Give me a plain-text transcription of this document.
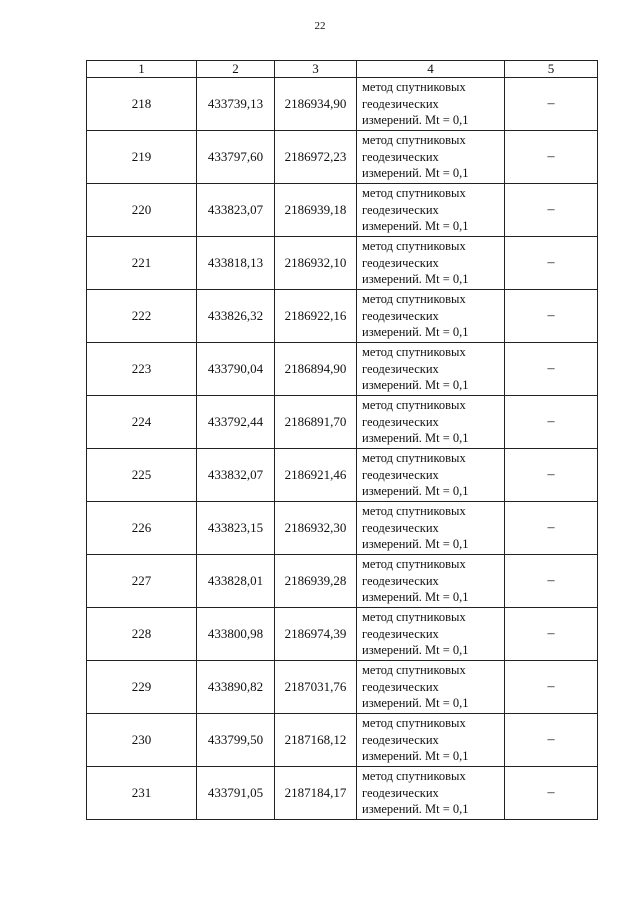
22
1	2	3	4	5
218	433739,13	2186934,90	метод спутниковых
геодезических
измерений. Mt = 0,1	–
219	433797,60	2186972,23	метод спутниковых
геодезических
измерений. Mt = 0,1	–
220	433823,07	2186939,18	метод спутниковых
геодезических
измерений. Mt = 0,1	–
221	433818,13	2186932,10	метод спутниковых
геодезических
измерений. Mt = 0,1	–
222	433826,32	2186922,16	метод спутниковых
геодезических
измерений. Mt = 0,1	–
223	433790,04	2186894,90	метод спутниковых
геодезических
измерений. Mt = 0,1	–
224	433792,44	2186891,70	метод спутниковых
геодезических
измерений. Mt = 0,1	–
225	433832,07	2186921,46	метод спутниковых
геодезических
измерений. Mt = 0,1	–
226	433823,15	2186932,30	метод спутниковых
геодезических
измерений. Mt = 0,1	–
227	433828,01	2186939,28	метод спутниковых
геодезических
измерений. Mt = 0,1	–
228	433800,98	2186974,39	метод спутниковых
геодезических
измерений. Mt = 0,1	–
229	433890,82	2187031,76	метод спутниковых
геодезических
измерений. Mt = 0,1	–
230	433799,50	2187168,12	метод спутниковых
геодезических
измерений. Mt = 0,1	–
231	433791,05	2187184,17	метод спутниковых
геодезических
измерений. Mt = 0,1	–
